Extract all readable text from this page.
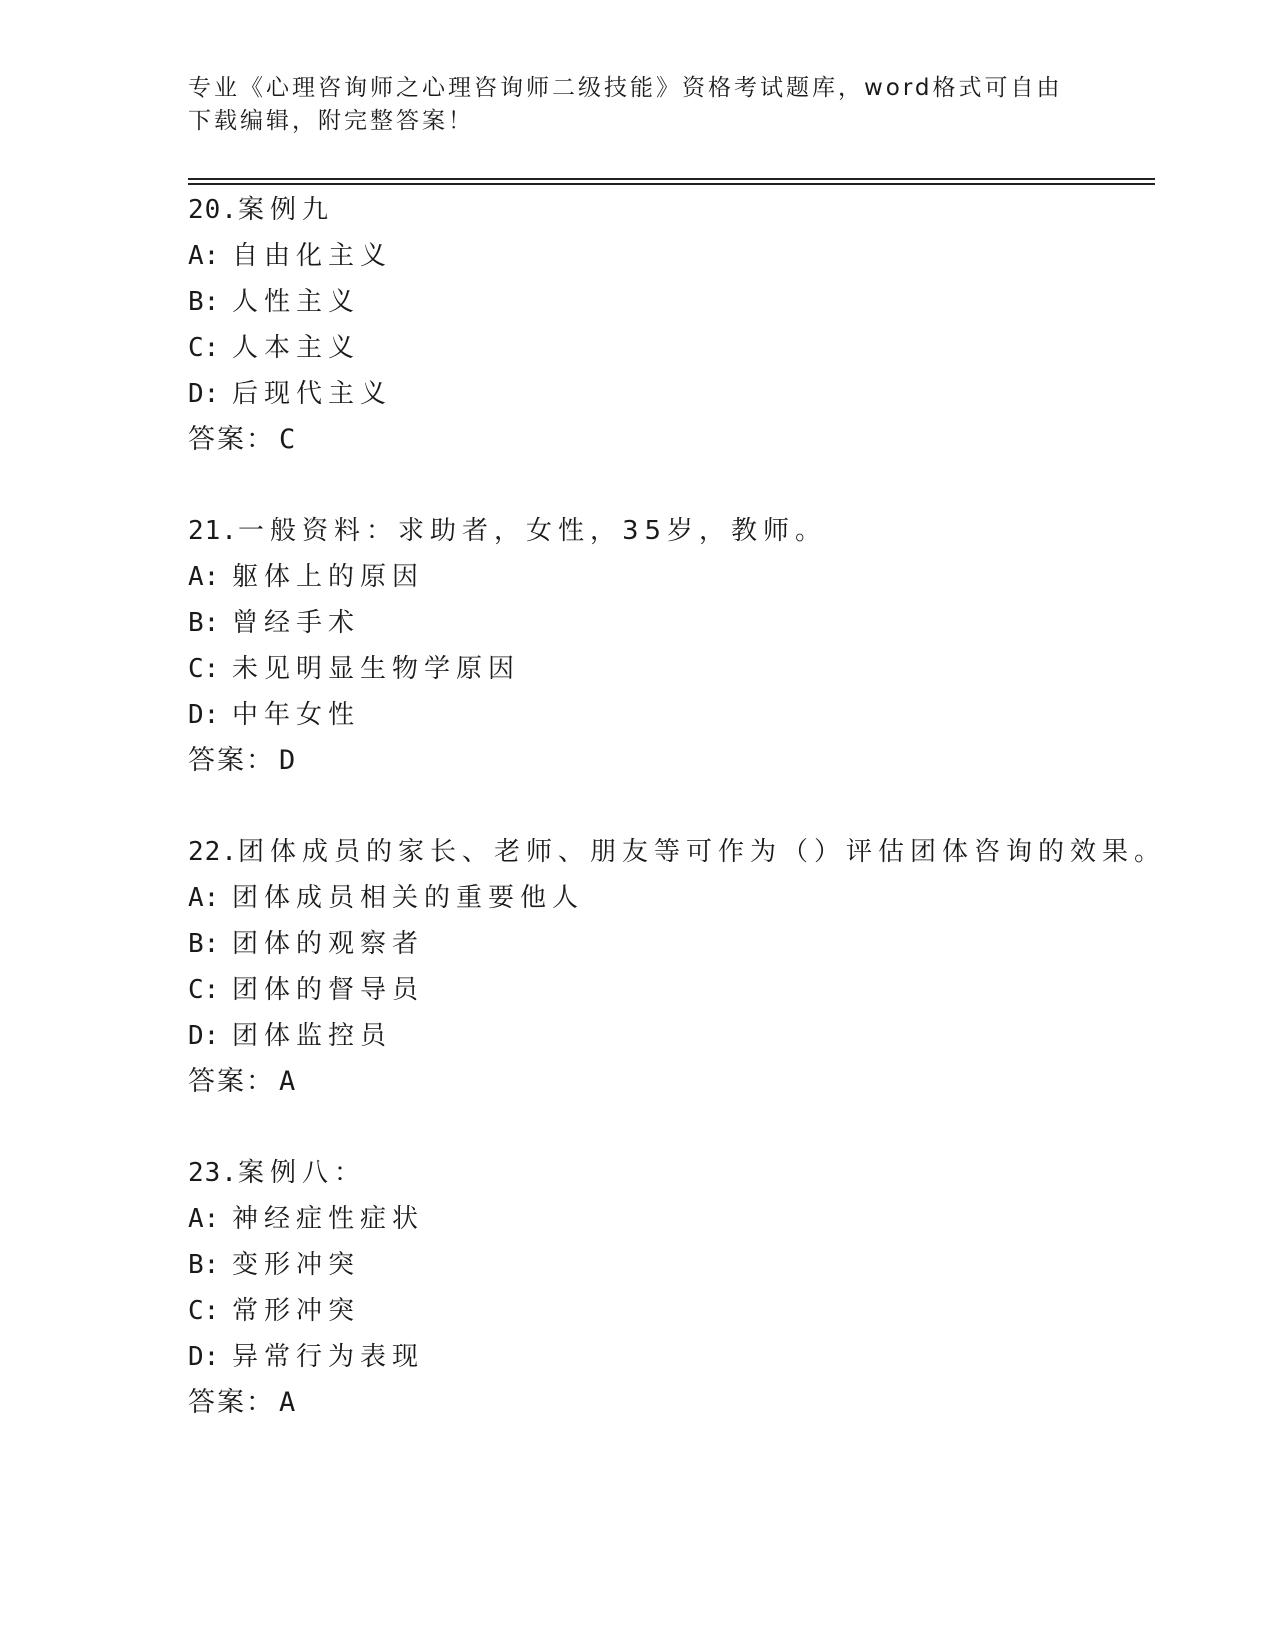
专业《心理咨询师之心理咨询师二级技能》资格考试题库，word格式可自由下载编辑，附完整答案！
20.案例九
A: 自由化主义
B: 人性主义
C: 人本主义
D: 后现代主义
答案： C
21.一般资料：求助者，女性，35岁，教师。
A: 躯体上的原因
B: 曾经手术
C: 未见明显生物学原因
D: 中年女性
答案： D
22.团体成员的家长、老师、朋友等可作为（）评估团体咨询的效果。
A: 团体成员相关的重要他人
B: 团体的观察者
C: 团体的督导员
D: 团体监控员
答案： A
23.案例八：
A: 神经症性症状
B: 变形冲突
C: 常形冲突
D: 异常行为表现
答案： A
